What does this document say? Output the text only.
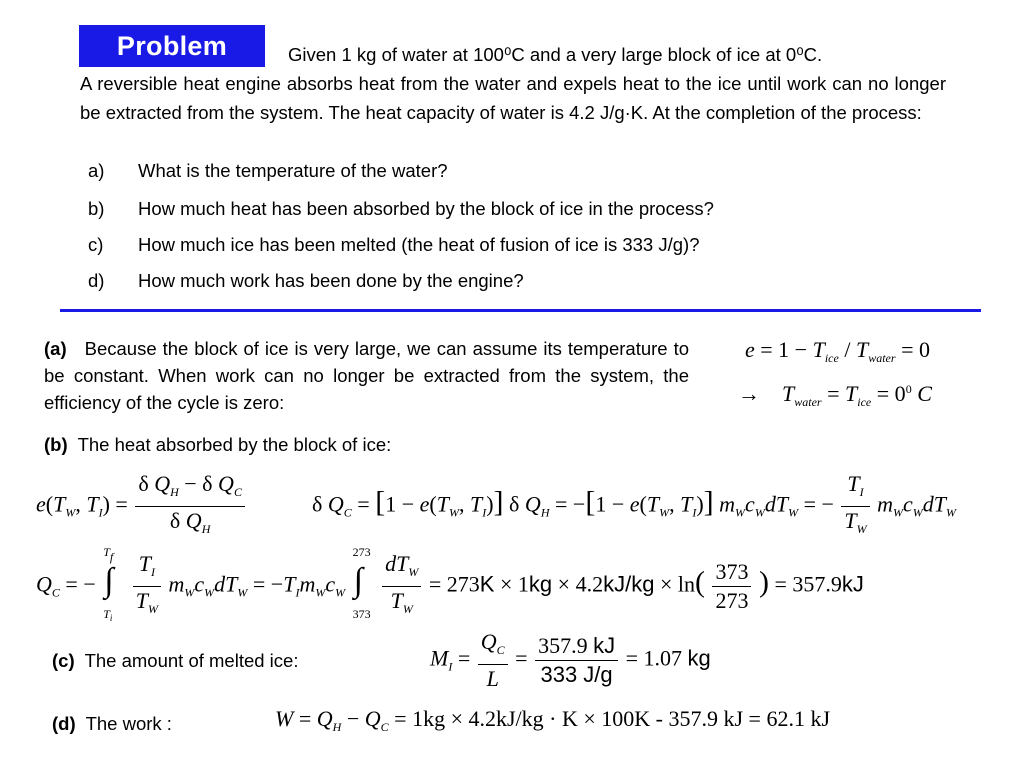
Problem	Given 1 kg of water at 100⁰C and a very large block of ice at 0⁰C.
A reversible heat engine absorbs heat from the water and expels heat to the ice until work can no longer be extracted from the system. The heat capacity of water is 4.2 J/g·K. At the completion of the process:
a) What is the temperature of the water?
b) How much heat has been absorbed by the block of ice in the process?
c) How much ice has been melted (the heat of fusion of ice is 333 J/g)?
d) How much work has been done by the engine?
(a) Because the block of ice is very large, we can assume its temperature to be constant. When work can no longer be extracted from the system, the efficiency of the cycle is zero:
$e = 1 - T_{ice} / T_{water} = 0$
→    $T_{water} = T_{ice} = 0^0$ C
(b) The heat absorbed by the block of ice:
$e(T_W$, $T_I) = \frac{\delta Q_H - \delta Q_C}{\delta Q_H}$	δ $Q_C = [1 - e(T_W$, $T_I$)] δ $Q_H = -[1 - e(T_W$, $T_I$)] $m_Wc_WdT_W$ = − $\frac{T_I}{T_W} m_Wc_WdT_W$
$Q_C$ = −
$T_f$
∫
$T_i$
$\frac{T_I}{T_W} m_Wc_WdT_W = -T_Im_Wc_W$
273
∫
373
$\frac{dT_W}{T_W} = 273K \times 1kg \times 4.2kJ/kg \times \ln( \frac{373}{273}$ ) = 357.9kJ
(c) The amount of melted ice:	$M_I = \frac{Q_C}{L} = \frac{357.9 kJ}{333 J/g} = 1.07$ kg
(d) The work :	$W = Q_H - Q_C = 1kg \times 4.2kJ/kg \cdot K \times 100K - 357.9$ kJ = 62.1 kJ
